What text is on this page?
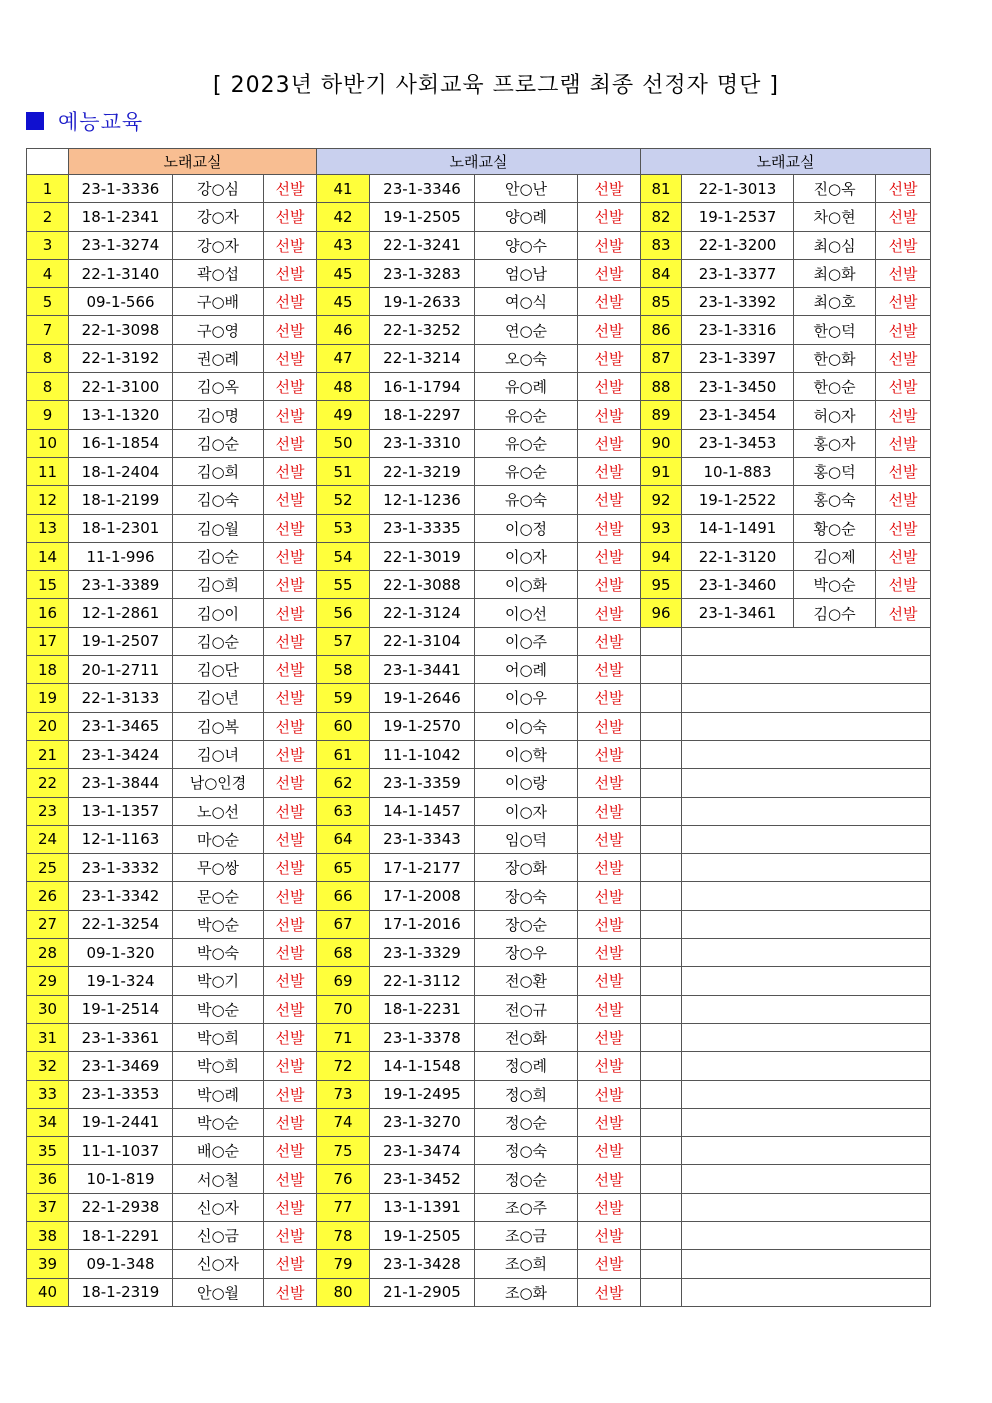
[ 2023년 하반기 사회교육 프로그램 최종 선정자 명단 ]
예능교육
	노래교실			노래교실				노래교실			
1	23-1-3336	강○심	선발	41	23-1-3346	안○난	선발	81	22-1-3013	진○옥	선발
2	18-1-2341	강○자	선발	42	19-1-2505	양○례	선발	82	19-1-2537	차○현	선발
3	23-1-3274	강○자	선발	43	22-1-3241	양○수	선발	83	22-1-3200	최○심	선발
4	22-1-3140	곽○섭	선발	45	23-1-3283	엄○남	선발	84	23-1-3377	최○화	선발
5	09-1-566	구○배	선발	45	19-1-2633	여○식	선발	85	23-1-3392	최○호	선발
7	22-1-3098	구○영	선발	46	22-1-3252	연○순	선발	86	23-1-3316	한○덕	선발
8	22-1-3192	권○례	선발	47	22-1-3214	오○숙	선발	87	23-1-3397	한○화	선발
8	22-1-3100	김○옥	선발	48	16-1-1794	유○례	선발	88	23-1-3450	한○순	선발
9	13-1-1320	김○명	선발	49	18-1-2297	유○순	선발	89	23-1-3454	허○자	선발
10	16-1-1854	김○순	선발	50	23-1-3310	유○순	선발	90	23-1-3453	홍○자	선발
11	18-1-2404	김○희	선발	51	22-1-3219	유○순	선발	91	10-1-883	홍○덕	선발
12	18-1-2199	김○숙	선발	52	12-1-1236	유○숙	선발	92	19-1-2522	홍○숙	선발
13	18-1-2301	김○월	선발	53	23-1-3335	이○정	선발	93	14-1-1491	황○순	선발
14	11-1-996	김○순	선발	54	22-1-3019	이○자	선발	94	22-1-3120	김○제	선발
15	23-1-3389	김○희	선발	55	22-1-3088	이○화	선발	95	23-1-3460	박○순	선발
16	12-1-2861	김○이	선발	56	22-1-3124	이○선	선발	96	23-1-3461	김○수	선발
17	19-1-2507	김○순	선발	57	22-1-3104	이○주	선발				
18	20-1-2711	김○단	선발	58	23-1-3441	어○례	선발				
19	22-1-3133	김○년	선발	59	19-1-2646	이○우	선발				
20	23-1-3465	김○복	선발	60	19-1-2570	이○숙	선발				
21	23-1-3424	김○녀	선발	61	11-1-1042	이○학	선발				
22	23-1-3844	남○인경	선발	62	23-1-3359	이○랑	선발				
23	13-1-1357	노○선	선발	63	14-1-1457	이○자	선발				
24	12-1-1163	마○순	선발	64	23-1-3343	임○덕	선발				
25	23-1-3332	무○쌍	선발	65	17-1-2177	장○화	선발				
26	23-1-3342	문○순	선발	66	17-1-2008	장○숙	선발				
27	22-1-3254	박○순	선발	67	17-1-2016	장○순	선발				
28	09-1-320	박○숙	선발	68	23-1-3329	장○우	선발				
29	19-1-324	박○기	선발	69	22-1-3112	전○환	선발				
30	19-1-2514	박○순	선발	70	18-1-2231	전○규	선발				
31	23-1-3361	박○희	선발	71	23-1-3378	전○화	선발				
32	23-1-3469	박○희	선발	72	14-1-1548	정○례	선발				
33	23-1-3353	박○례	선발	73	19-1-2495	정○희	선발				
34	19-1-2441	박○순	선발	74	23-1-3270	정○순	선발				
35	11-1-1037	배○순	선발	75	23-1-3474	정○숙	선발				
36	10-1-819	서○철	선발	76	23-1-3452	정○순	선발				
37	22-1-2938	신○자	선발	77	13-1-1391	조○주	선발				
38	18-1-2291	신○금	선발	78	19-1-2505	조○금	선발				
39	09-1-348	신○자	선발	79	23-1-3428	조○희	선발				
40	18-1-2319	안○월	선발	80	21-1-2905	조○화	선발				
